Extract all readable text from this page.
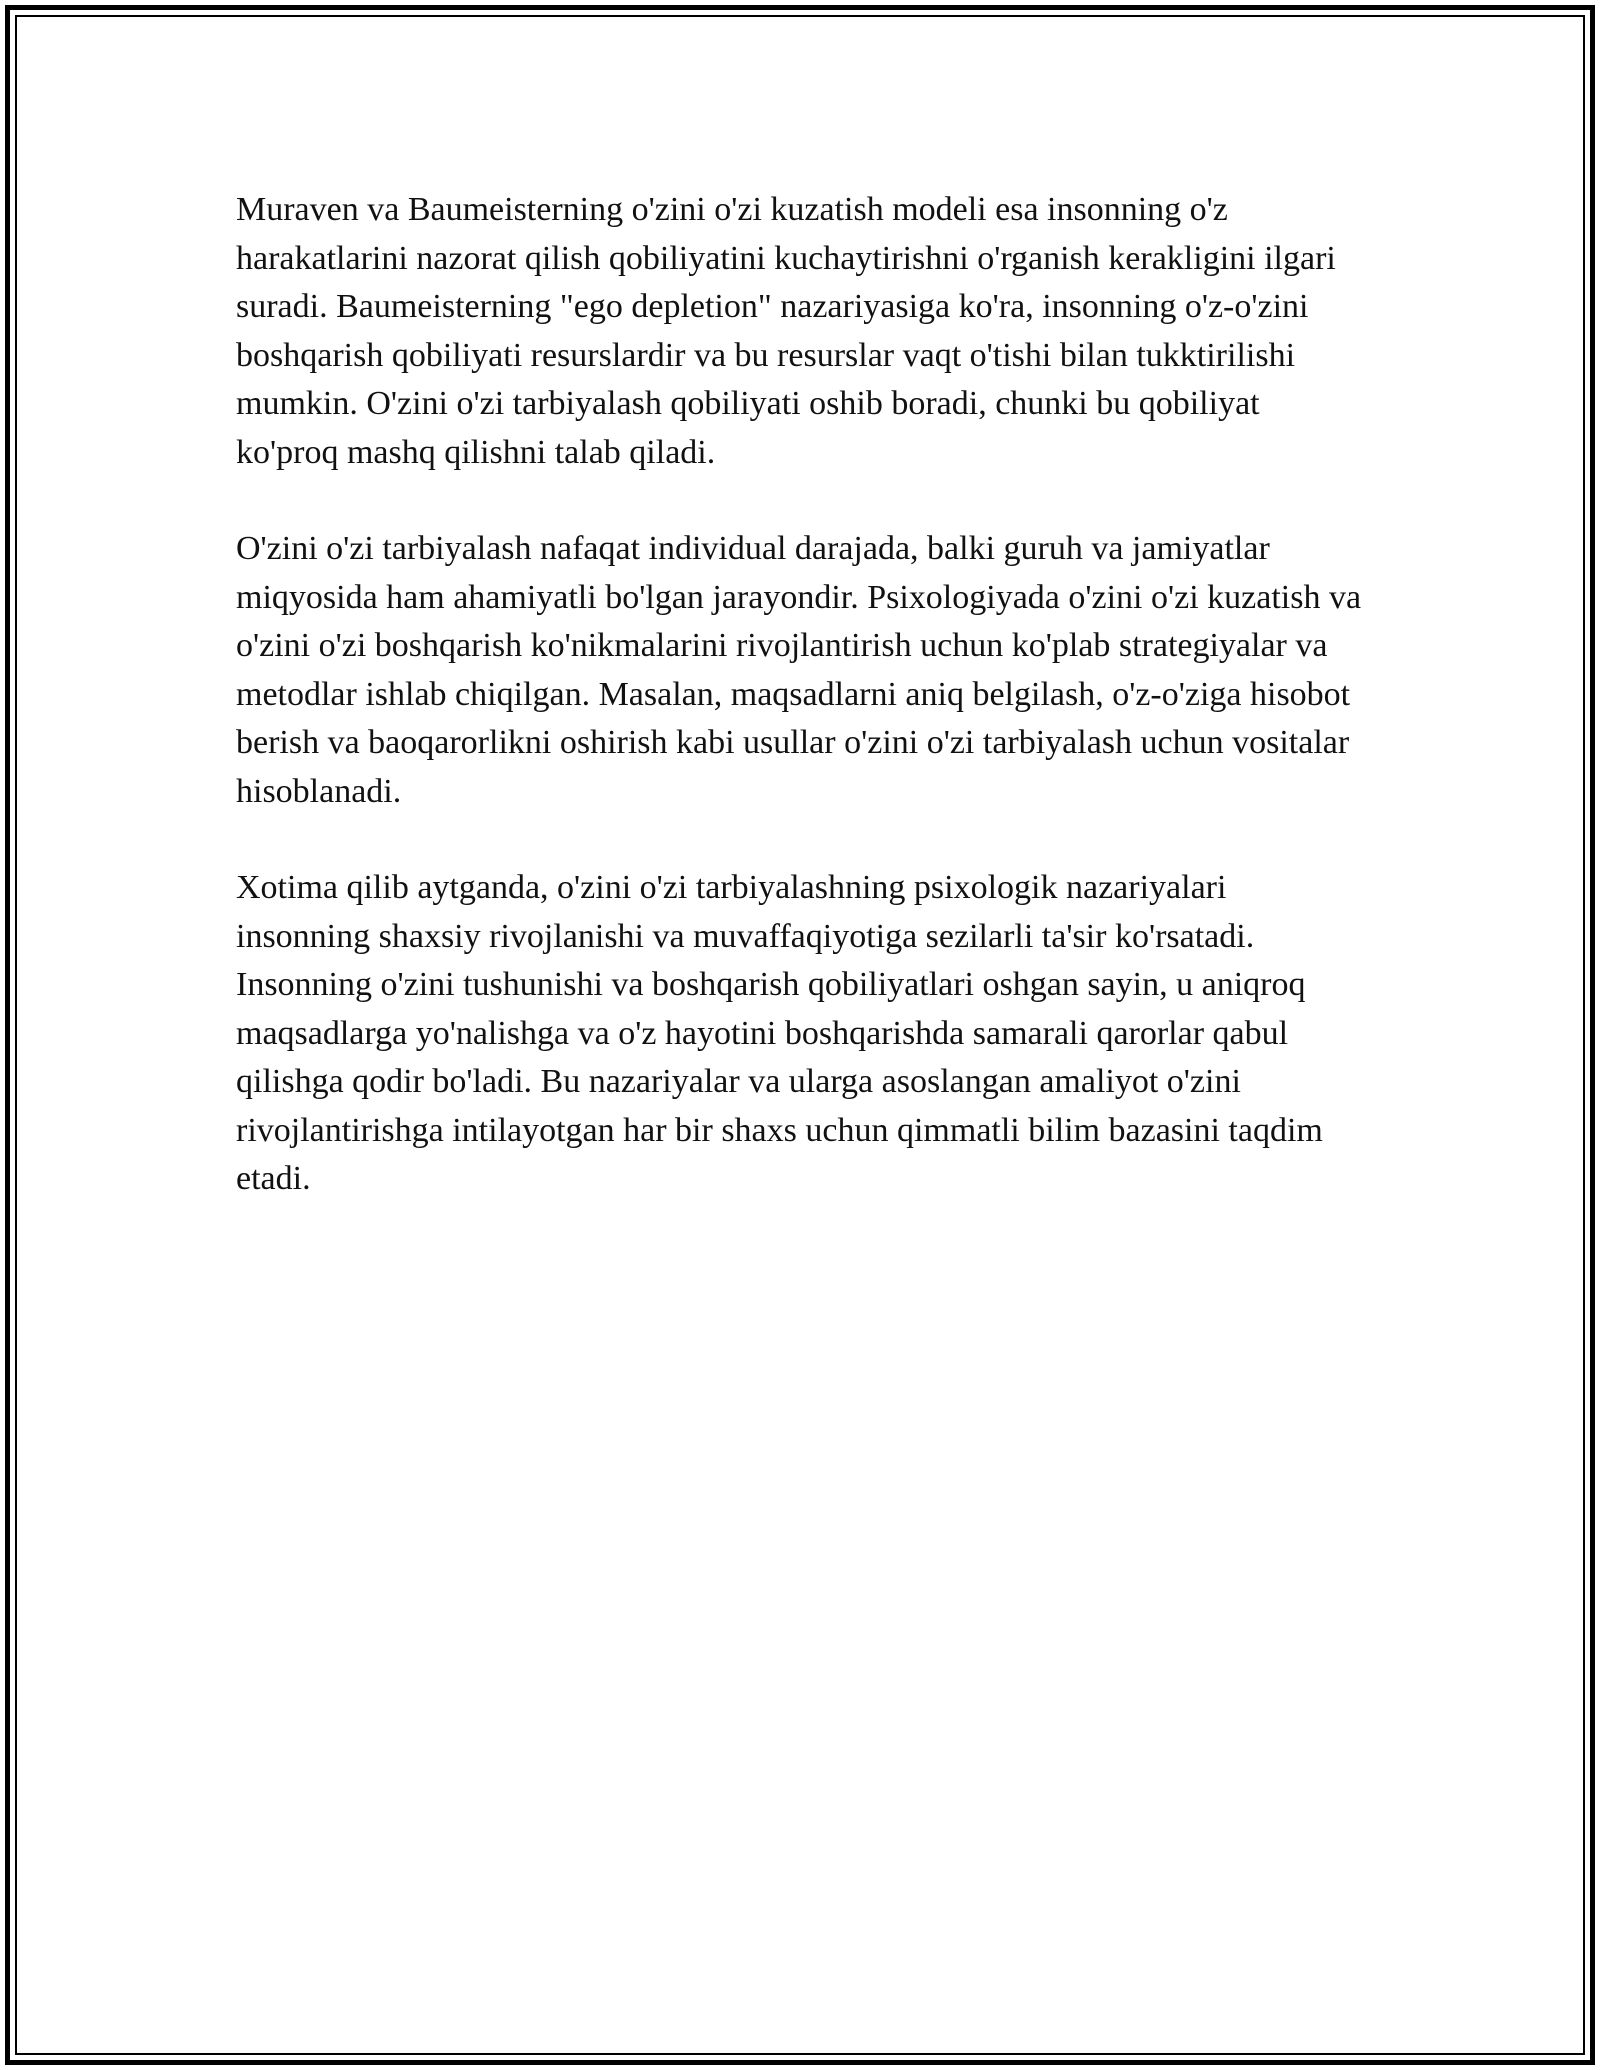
Muraven va Baumeisterning o'zini o'zi kuzatish modeli esa insonning o'z harakatlarini nazorat qilish qobiliyatini kuchaytirishni o'rganish kerakligini ilgari suradi. Baumeisterning "ego depletion" nazariyasiga ko'ra, insonning o'z-o'zini boshqarish qobiliyati resurslardir va bu resurslar vaqt o'tishi bilan tukktirilishi mumkin. O'zini o'zi tarbiyalash qobiliyati oshib boradi, chunki bu qobiliyat ko'proq mashq qilishni talab qiladi.

O'zini o'zi tarbiyalash nafaqat individual darajada, balki guruh va jamiyatlar miqyosida ham ahamiyatli bo'lgan jarayondir. Psixologiyada o'zini o'zi kuzatish va o'zini o'zi boshqarish ko'nikmalarini rivojlantirish uchun ko'plab strategiyalar va metodlar ishlab chiqilgan. Masalan, maqsadlarni aniq belgilash, o'z-o'ziga hisobot berish va baoqarorlikni oshirish kabi usullar o'zini o'zi tarbiyalash uchun vositalar hisoblanadi.

Xotima qilib aytganda, o'zini o'zi tarbiyalashning psixologik nazariyalari insonning shaxsiy rivojlanishi va muvaffaqiyotiga sezilarli ta'sir ko'rsatadi. Insonning o'zini tushunishi va boshqarish qobiliyatlari oshgan sayin, u aniqroq maqsadlarga yo'nalishga va o'z hayotini boshqarishda samarali qarorlar qabul qilishga qodir bo'ladi. Bu nazariyalar va ularga asoslangan amaliyot o'zini rivojlantirishga intilayotgan har bir shaxs uchun qimmatli bilim bazasini taqdim etadi.
